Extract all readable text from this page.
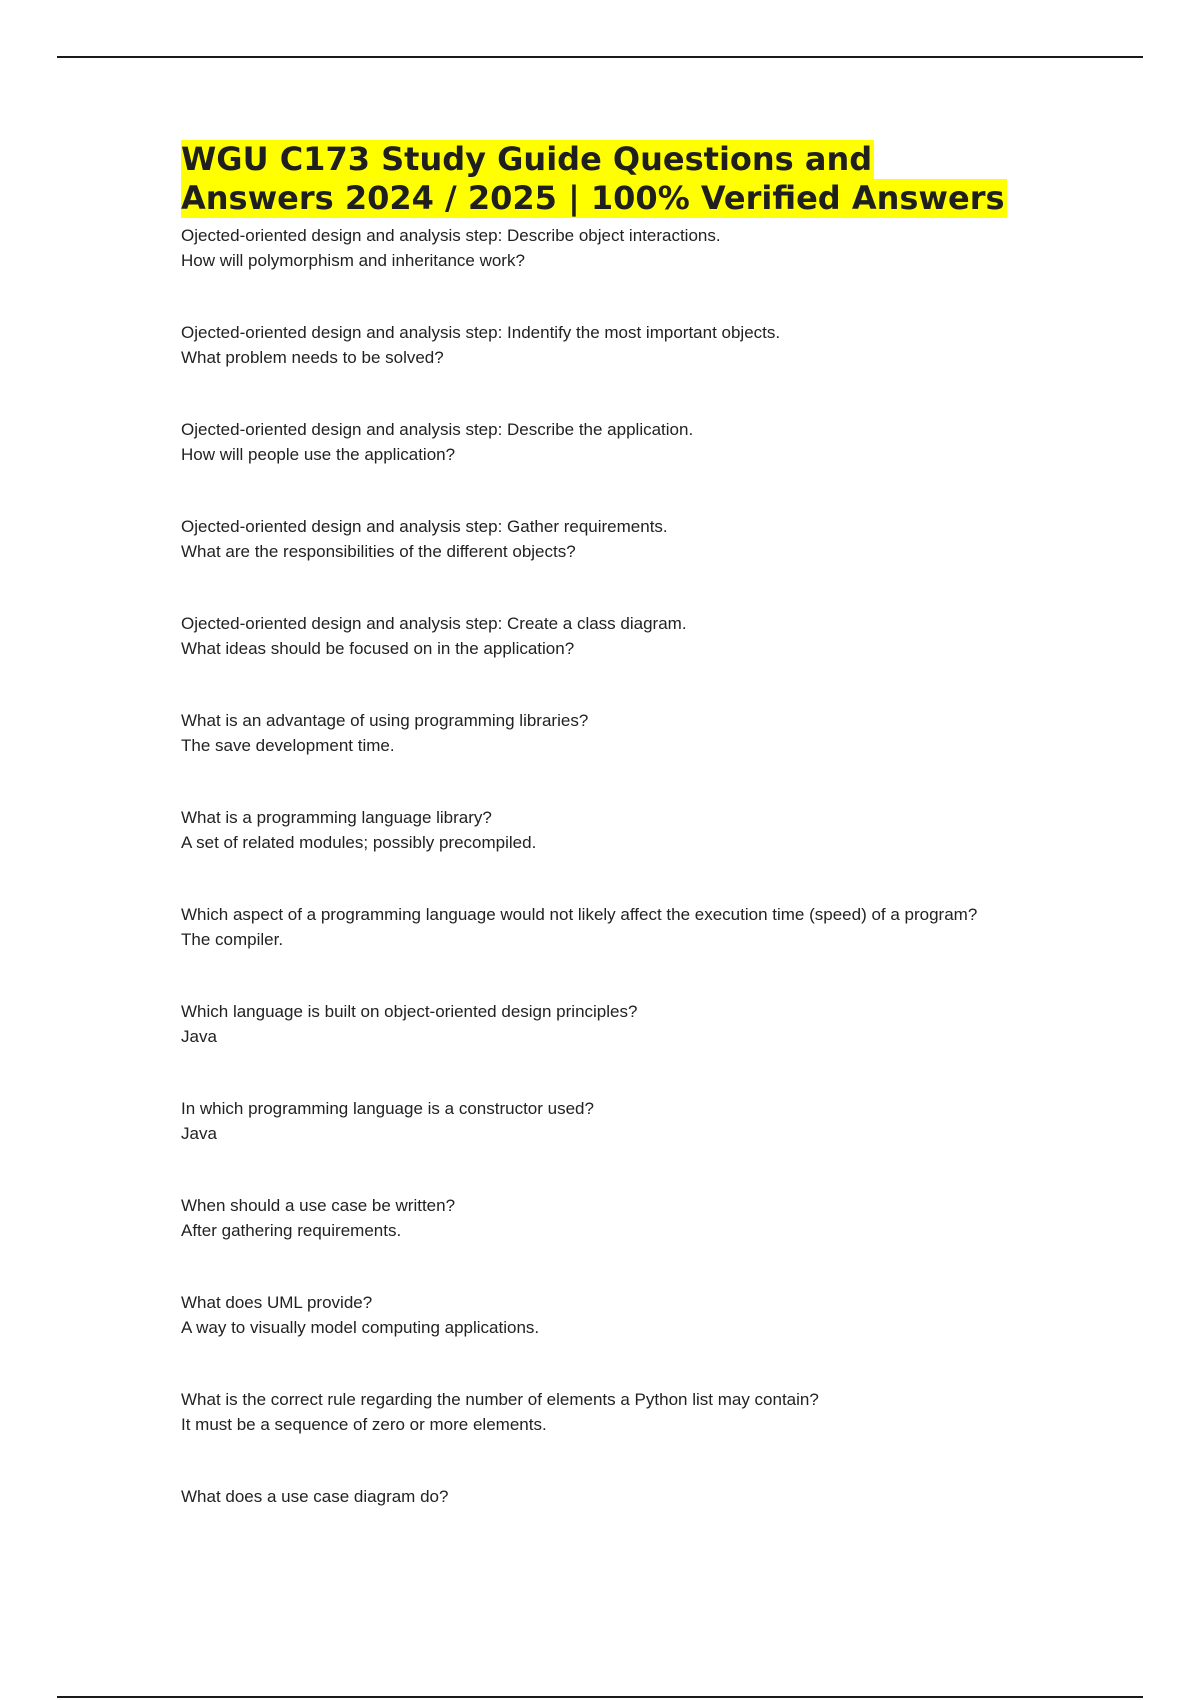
WGU C173 Study Guide Questions and
Answers 2024 / 2025 | 100% Verified Answers

Ojected-oriented design and analysis step: Describe object interactions.

How will polymorphism and inheritance work?

Ojected-oriented design and analysis step: Indentify the most important objects.

What problem needs to be solved?

Ojected-oriented design and analysis step: Describe the application.

How will people use the application?

Ojected-oriented design and analysis step: Gather requirements.

What are the responsibilities of the different objects?

Ojected-oriented design and analysis step: Create a class diagram.

What ideas should be focused on in the application?

What is an advantage of using programming libraries?

The save development time.

What is a programming language library?

A set of related modules; possibly precompiled.

Which aspect of a programming language would not likely affect the execution time (speed) of a program?

The compiler.

Which language is built on object-oriented design principles?

Java

In which programming language is a constructor used?

Java

When should a use case be written?

After gathering requirements.

What does UML provide?

A way to visually model computing applications.

What is the correct rule regarding the number of elements a Python list may contain?

It must be a sequence of zero or more elements.

What does a use case diagram do?
